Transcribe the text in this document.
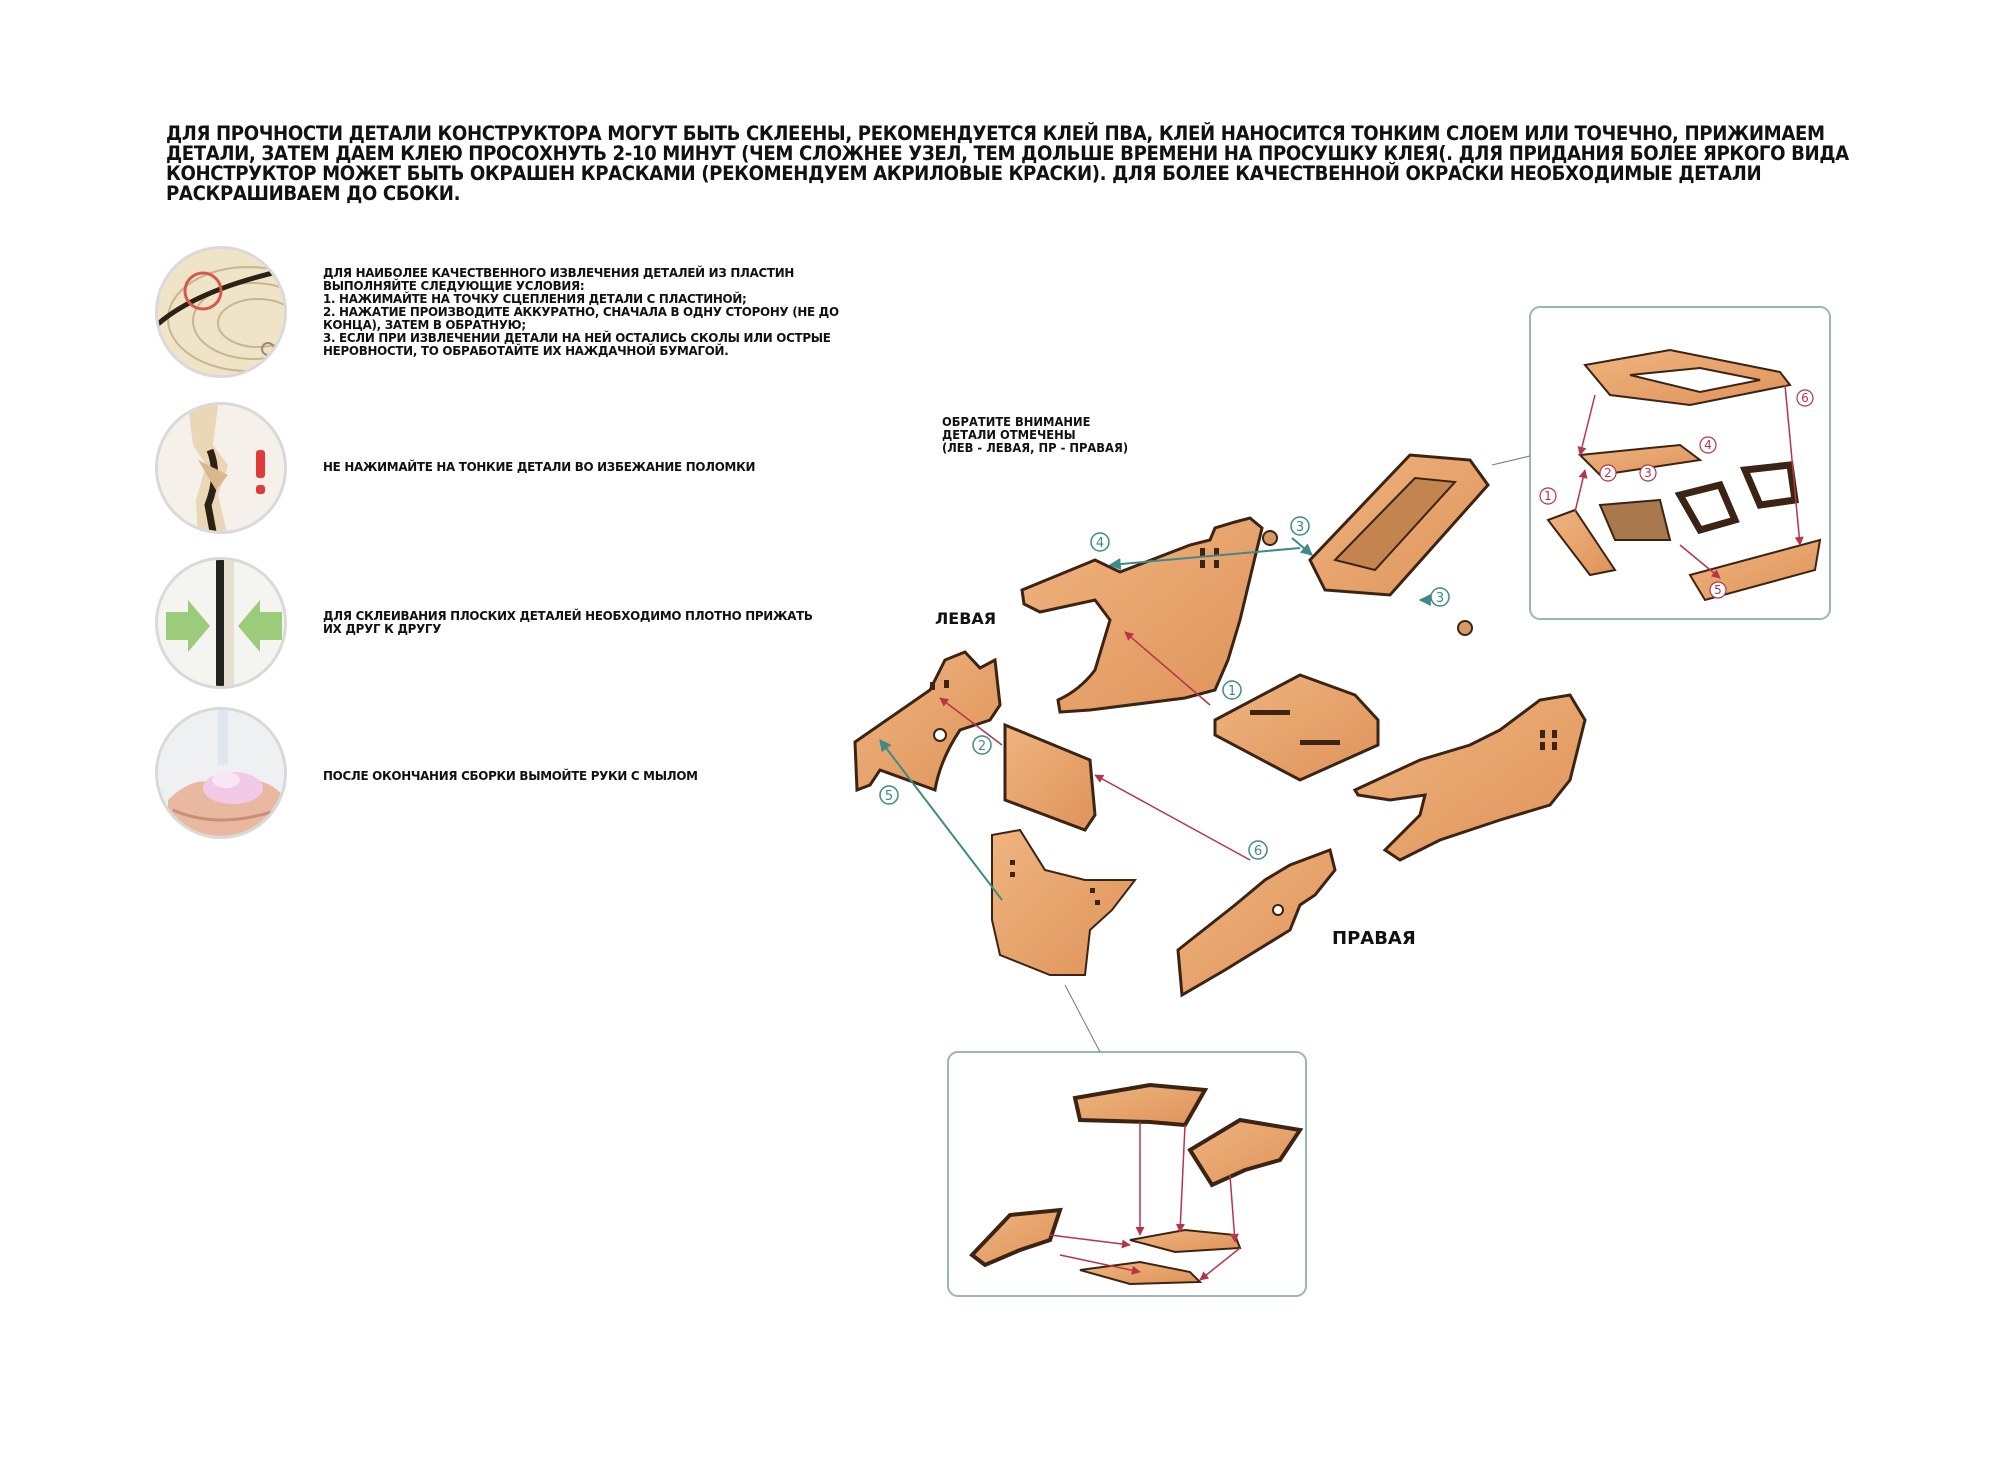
ДЛЯ ПРОЧНОСТИ ДЕТАЛИ КОНСТРУКТОРА МОГУТ БЫТЬ СКЛЕЕНЫ, РЕКОМЕНДУЕТСЯ КЛЕЙ ПВА, КЛЕЙ НАНОСИТСЯ ТОНКИМ СЛОЕМ ИЛИ ТОЧЕЧНО, ПРИЖИМАЕМ
ДЕТАЛИ, ЗАТЕМ ДАЕМ КЛЕЮ ПРОСОХНУТЬ 2-10 МИНУТ (ЧЕМ СЛОЖНЕЕ УЗЕЛ, ТЕМ ДОЛЬШЕ ВРЕМЕНИ НА ПРОСУШКУ КЛЕЯ(. ДЛЯ ПРИДАНИЯ БОЛЕЕ ЯРКОГО ВИДА
КОНСТРУКТОР МОЖЕТ БЫТЬ ОКРАШЕН КРАСКАМИ (РЕКОМЕНДУЕМ АКРИЛОВЫЕ КРАСКИ). ДЛЯ БОЛЕЕ КАЧЕСТВЕННОЙ ОКРАСКИ НЕОБХОДИМЫЕ ДЕТАЛИ
РАСКРАШИВАЕМ ДО СБОКИ.
ДЛЯ НАИБОЛЕЕ КАЧЕСТВЕННОГО ИЗВЛЕЧЕНИЯ ДЕТАЛЕЙ ИЗ ПЛАСТИН
ВЫПОЛНЯЙТЕ СЛЕДУЮЩИЕ УСЛОВИЯ:
1. НАЖИМАЙТЕ НА ТОЧКУ СЦЕПЛЕНИЯ ДЕТАЛИ С ПЛАСТИНОЙ;
2. НАЖАТИЕ ПРОИЗВОДИТЕ АККУРАТНО, СНАЧАЛА В ОДНУ СТОРОНУ (НЕ ДО
КОНЦА), ЗАТЕМ В ОБРАТНУЮ;
3. ЕСЛИ ПРИ ИЗВЛЕЧЕНИИ ДЕТАЛИ НА НЕЙ ОСТАЛИСЬ СКОЛЫ ИЛИ ОСТРЫЕ
НЕРОВНОСТИ, ТО ОБРАБОТАЙТЕ ИХ НАЖДАЧНОЙ БУМАГОЙ.
НЕ НАЖИМАЙТЕ НА ТОНКИЕ ДЕТАЛИ ВО ИЗБЕЖАНИЕ ПОЛОМКИ
ДЛЯ СКЛЕИВАНИЯ ПЛОСКИХ ДЕТАЛЕЙ НЕОБХОДИМО ПЛОТНО ПРИЖАТЬ
ИХ ДРУГ К ДРУГУ
ПОСЛЕ ОКОНЧАНИЯ СБОРКИ ВЫМОЙТЕ РУКИ С МЫЛОМ
1
2
3
3
4
5
6
6
4
1
2	3
5
ОБРАТИТЕ ВНИМАНИЕ
ДЕТАЛИ ОТМЕЧЕНЫ
(ЛЕВ - ЛЕВАЯ, ПР - ПРАВАЯ)
ЛЕВАЯ
ПРАВАЯ
